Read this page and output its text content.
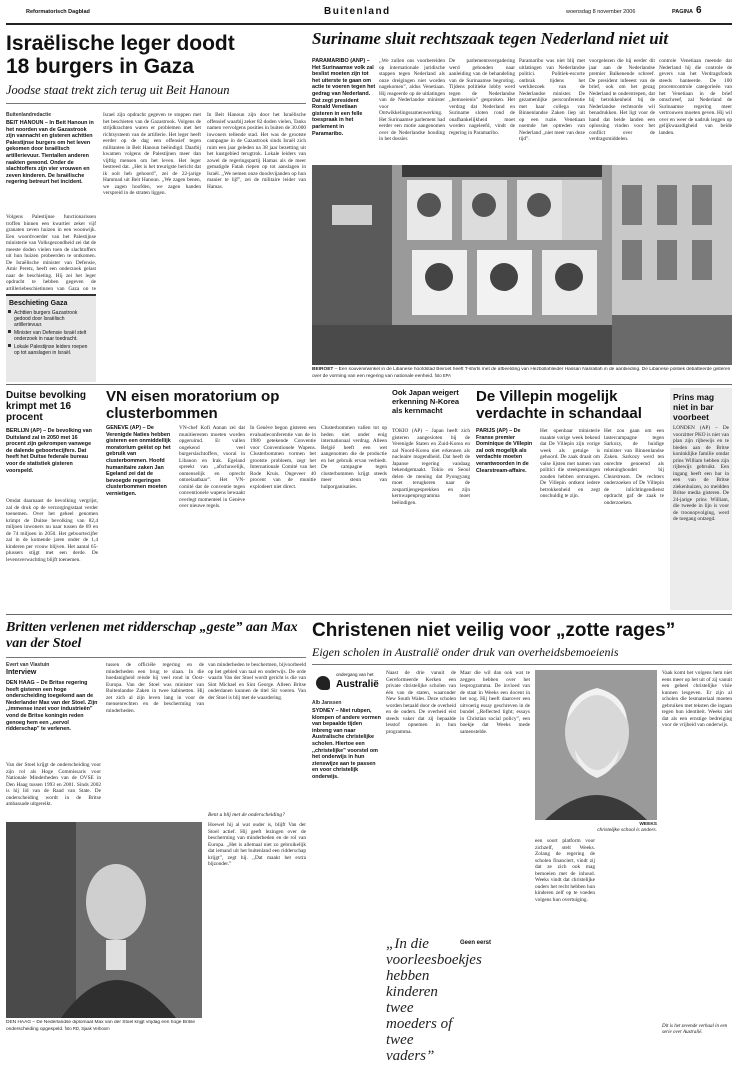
Reformatorisch Dagblad	Buitenland	woensdag 8 november 2006	PAGINA 6
Israëlische leger doodt 18 burgers in Gaza
Joodse staat trekt zich terug uit Beit Hanoun
Buitenlandredactie
BEIT HANOUN – In Beit Hanoun in het noorden van de Gazastrook zijn vannacht en gisteren achttien Palestijnse burgers om het leven gekomen door Israëlisch artillerievuur. Tientallen anderen raakten gewond. Onder de slachtoffers zijn vier vrouwen en zeven kinderen. De Israëlische regering betreurt het incident.
Volgens Palestijnse functionarissen troffen binnen een kwartier zeker vijf granaten zeven huizen in een woonwijk. Een woordvoerder van het Palestijnse ministerie van Volksgezondheid zei dat de meeste doden vielen toen de slachtoffers uit hun huizen probeerden te ontkomen. De Israëlische minister van Defensie, Amir Peretz, heeft een onderzoek gelast naar de beschieting. Hij zei het leger opdracht te hebben gegeven de artilleriebeschietingen van Gaza op te
Beschieting Gaza
Achttien burgers Gazastrook gedood door Israëlisch artillerievuur.
Minister van Defensie Israël stelt onderzoek in naar toedracht.
Lokale Palestijnse leiders roepen op tot aanslagen in Israël.
Israel zijn opdracht gegeven te stoppen met het beschieten van de Gazastrook. Volgens de strijdkrachten waren er problemen met het richtsysteem van de artillerie. Het leger heeft eerder op de dag een offensief tegen militanten in Beit Hanoun beëindigd. Daarbij kwamen volgens de Palestijnen meer dan vijftig mensen om het leven. Het leger bestreed dat. ,,Het is het treurigste bericht dat ik ooit heb gehoord”, zei de 22-jarige Hammad uit Beit Hanoun. ,,We zagen benen, we zagen hoofden, we zagen handen verspreid in de straten liggen.
In Beit Hanoun zijn door het Israëlische offensief waarbij zeker 82 doden vielen, Tanks namen vervolgens posities in buiten de 30.000 inwoners tellende stad. Het was de grootste campagne in de Gazastrook sinds Israël zich ruim een jaar geleden na 38 jaar bezetting uit het kustgebied terugtrok. Lokale leiders van zowel de regeringspartij Hamas als de meer gematigde Fatah riepen op tot aanslagen in Israël. ,,We nemen onze doodsvijanden op hun manier te lijf”, zei de militaire leider van Hamas.
Suriname sluit rechtszaak tegen Nederland niet uit
PARAMARIBO (ANP) – Het Surinaamse volk zal beslist moeten zijn tot het uiterste te gaan om actie te voeren tegen het gedrag van Nederland. Dat zegt president Ronald Venetiaan gisteren in een felle toespraak in het parlement in Paramaribo.
,,We zullen ons voorbereiden op internationale juridische stappen tegen Nederland als onze dreigingen niet worden nagekomen”, aldus Venetiaan. Hij reageerde op de uitlatingen van de Nederlandse minister voor Ontwikkelingssamenwerking. Het Surinaamse parlement had eerder een motie aangenomen over de Nederlandse houding in het dossier.
De parlementsvergadering werd gehouden naar aanleiding van de behandeling van de Surinaamse begroting. Tijdens politieke lobby werd tegen de Nederlandse ,,bemoeienis” gesproken. Het verdrag dat Nederland en Suriname sloten rond de onafhankelijkheid moet worden nageleefd, vindt de regering in Paramaribo.
Paramaribo was niet blij met uitlatingen van Nederlandse politici. Politiek-escorte ontbrak tijdens het werkbezoek van de Nederlandse minister. De gezamenlijke persconferentie met haar collega van Binnenlandse Zaken liep uit op een ruzie. Venetiaan noemde het optreden van Nederland ,,niet meer van deze tijd”.
voorgelezen die hij eerder dit jaar aan de Nederlandse premier Balkenende schreef. De president infeeest van de brief, ook om het gezag Nederland te onderstrepen, dat hij betrokkenheid bij de Nederlandse rechtsorde wil benadrukken. Het ligt voor de hand dat beide landen een oplossing vinden voor het conflict over de verdragsmiddelen.
controle Venetiaan meende dat Nederland hij die controle de gevers van het Verdragsfonds steeds hanteerde. De 100 procentcontrole categorieën van het Venetiaan in de brief omschreef, zal Nederland de Surinaamse regering meer vertrouwen moeten geven. Hij wil over en weer de nadruk leggen op gelijkwaardigheid van beide landen.
BEIROET – Een souvenirwinkel in de Libanese hoofdstad Beiroet heeft T-shirts met de afbeelding van Hezbollahleider Hassan Nasrallah in de aanbieding. De Libanese politiek debatteerde gisteren over de vorming van een regering van nationale eenheid. foto EPA
Duitse bevolking krimpt met 16 procent
BERLIJN (AP) – De bevolking van Duitsland zal in 2050 met 16 procent zijn gekrompen vanwege de dalende geboortecijfers. Dat heeft het Duitse federale bureau voor de statistiek gisteren voorspeld.
Omdat daarnaast de bevolking vergrijst, zal de druk op de verzorgingsstaat verder toenemen. Over het geheel genomen krimpt de Duitse bevolking van 82,4 miljoen inwoners nu naar tussen de 69 en de 74 miljoen in 2050. Het geboortecijfer zal in de komende jaren onder de 1,4 kinderen per vrouw blijven. Het aantal 65-plussers stijgt met een derde. De levensverwachting blijft toenemen.
VN eisen moratorium op clusterbommen
GENEVE (AP) – De Verenigde Naties hebben gisteren een onmiddellijk moratorium geëist op het gebruik van clusterbommen. Hoofd humanitaire zaken Jan Egeland zei dat de bevoegde regeringen clusterbommen moeten vernietigen.
VN-chef Kofi Annan zei dat munitieresten moeten worden opgeruimd. Er vallen ongekend veel burgerslachtoffers, vooral in Libanon en Irak. Egeland spreekt van ,,afschuwelijk, onmenselijk en oprecht ontoelaatbaar”. Het VN-comité dat de conventie tegen conventionele wapens bewaakt overlegt momenteel in Genève over nieuwe regels.
In Genève begon gisteren een evaluatieconferentie van de in 1980 getekende Conventie voor Conventionele Wapens. Clusterbommen vormen het grootste probleem, zegt het Internationale Comité van het Rode Kruis. Ongeveer 40 procent van de munitie explodeert niet direct.
Clusterbommen vallen tot op heden niet onder enig internationaal verdrag. Alleen België heeft een wet aangenomen die de productie en het gebruik ervan verbiedt. De campagne tegen clusterbommen krijgt steeds meer steun van hulporganisaties.
Ook Japan weigert erkenning N-Korea als kernmacht
TOKIO (AP) – Japan heeft zich gisteren aangesloten bij de Verenigde Staten en Zuid-Korea en zal Noord-Korea niet erkennen als nucleaire mogendheid. Dat heeft de Japanse regering vandaag bekendgemaakt. Tokio en Seoul delen de mening dat Pyongyang moet terugkeren naar de zespartijengesprekken en zijn kernwapenprogramma moet beëindigen.
De Villepin mogelijk verdachte in schandaal
PARIJS (AP) – De Franse premier Dominique de Villepin zal ook mogelijk als verdachte moeten verantwoorden in de Clearstream-affaire.
Het openbaar ministerie maakte vorige week bekend dat De Villepin zijn vorige week als getuige is gehoord. De zaak draait om valse lijsten met namen van politici die steekpenningen zouden hebben ontvangen. De Villepin ontkent iedere betrokkenheid en zegt onschuldig te zijn.
Het zou gaan om een lastercampagne tegen Sarkozy, de huidige minister van Binnenlandse Zaken. Sarkozy werd ten onrechte genoemd als rekeninghouder bij Clearstream. De rechters onderzoeken of De Villepin de inlichtingendienst opdracht gaf de zaak te onderzoeken.
Prins mag niet in bar voorbeet
LONDEN (AP) – De voorzitter PKO is niet van plan zijn rijbewijs en te bieden aan de Britse koninklijke familie omdat prins William hebben zijn rijbewijs gebruikt. Een ingang heeft een bar in een van de Britse ziekenhuizen, zo meldden Britse media gisteren. De 24-jarige prins William, die tweede in lijn is voor de troonopvolging, werd de toegang ontzegd.
Britten verlenen met ridderschap „geste” aan Max van der Stoel
Evert van Vlastuin
Interview
DEN HAAG – De Britse regering heeft gisteren een hoge onderscheiding toegekend aan de Nederlander Max van der Stoel. Zijn ,,immense inzet voor industrieën” vond de Britse koningin reden genoeg hem een ,,eervol ridderschap” te verlenen.
Van der Stoel krijgt de onderscheiding voor zijn rol als Hoge Commissaris voor Nationale Minderheden van de OVSE in Den Haag tussen 1993 en 2001. Sinds 2002 is hij lid van de Raad van State. De onderscheiding wordt in de Britse ambassade uitgereikt.
tussen de officiële regering en de minderheden een brug te slaan. In die hoedanigheid reisde hij veel rond in Oost-Europa. Van der Stoel was minister van Buitenlandse Zaken in twee kabinetten. Hij zet zich al zijn leven lang in voor de mensenrechten en de bescherming van minderheden.
van minderheden te beschermen, bijvoorbeeld op het gebied van taal en onderwijs. De orde waarin Van der Stoel wordt gericht is die van Sint Michael en Sint George. Alleen Britse onderdanen kunnen de titel Sir voeren. Van der Stoel is blij met de waardering.
DEN HAAG – De Nederlandse diplomaat Max van der Stoel krijgt vrijdag een hoge Britse onderscheiding opgespeld. foto RD, Sjaak Verboom
Bent u blij met de onderscheiding?
Hoewel hij al wat ouder is, blijft Van der Stoel actief. Hij geeft lezingen over de bescherming van minderheden en de rol van Europa. ,,Het is allemaal niet zo gebruikelijk dat iemand uit het buitenland een ridderschap krijgt”, zegt hij. ,,Dat maakt het extra bijzonder.”
Christenen niet veilig voor „zotte rages”
Eigen scholen in Australië onder druk van overheidsbemoeienis
ondergang van het
Australië
Alb Janssen
SYDNEY – Niet rubpen, klompen of andere vormen van bepaalde tijden inbreng van naar Australische christelijke scholen. Hiertoe een ,,christelijke” voorstel om het onderwijs in hun zienswijze aan te passen en voor christelijk onderwijs.
Naast de drie vanuit de Gereformeerde Kerken een private christelijke scholen van één van de staten, waaronder New South Wales. Deze scholen worden betaald door de overheid en de ouders. De overheid eist steeds vaker dat zij bepaalde lesstof opnemen in hun programma.
„In die voorleesboekjes hebben kinderen twee moeders of twee vaders”
Maar die wil dan ook wat te zeggen hebben over het lesprogramma. De invloed van de staat in Weeks een docent in het oog. Hij heeft daarover een uitvoerig essay geschreven in de bundel ,,Reflected light; essays in Christian social policy”, een boekje dat Weeks mede samenstelde.
WEEKS
christelijke school is anders.
Geen eerst
een soort platform voor zichzelf, stelt Weeks. Zolang de regering de scholen financiert, vindt zij dat ze zich ook mag bemoeien met de inhoud. Weeks vindt dat christelijke ouders het recht hebben hun kinderen zelf op te voeden volgens hun overtuiging.
Vaak komt het volgens hem niet eens meer op het uit of zij vanuit een geheel christelijke visie kunnen lesgeven. Er zijn al scholen die lesmateriaal moeten gebruiken met teksten die ingaan tegen hun identiteit. Weeks ziet dat als een ernstige bedreiging voor de vrijheid van onderwijs.
Dit is het zevende verhaal in een serie over Australië.
